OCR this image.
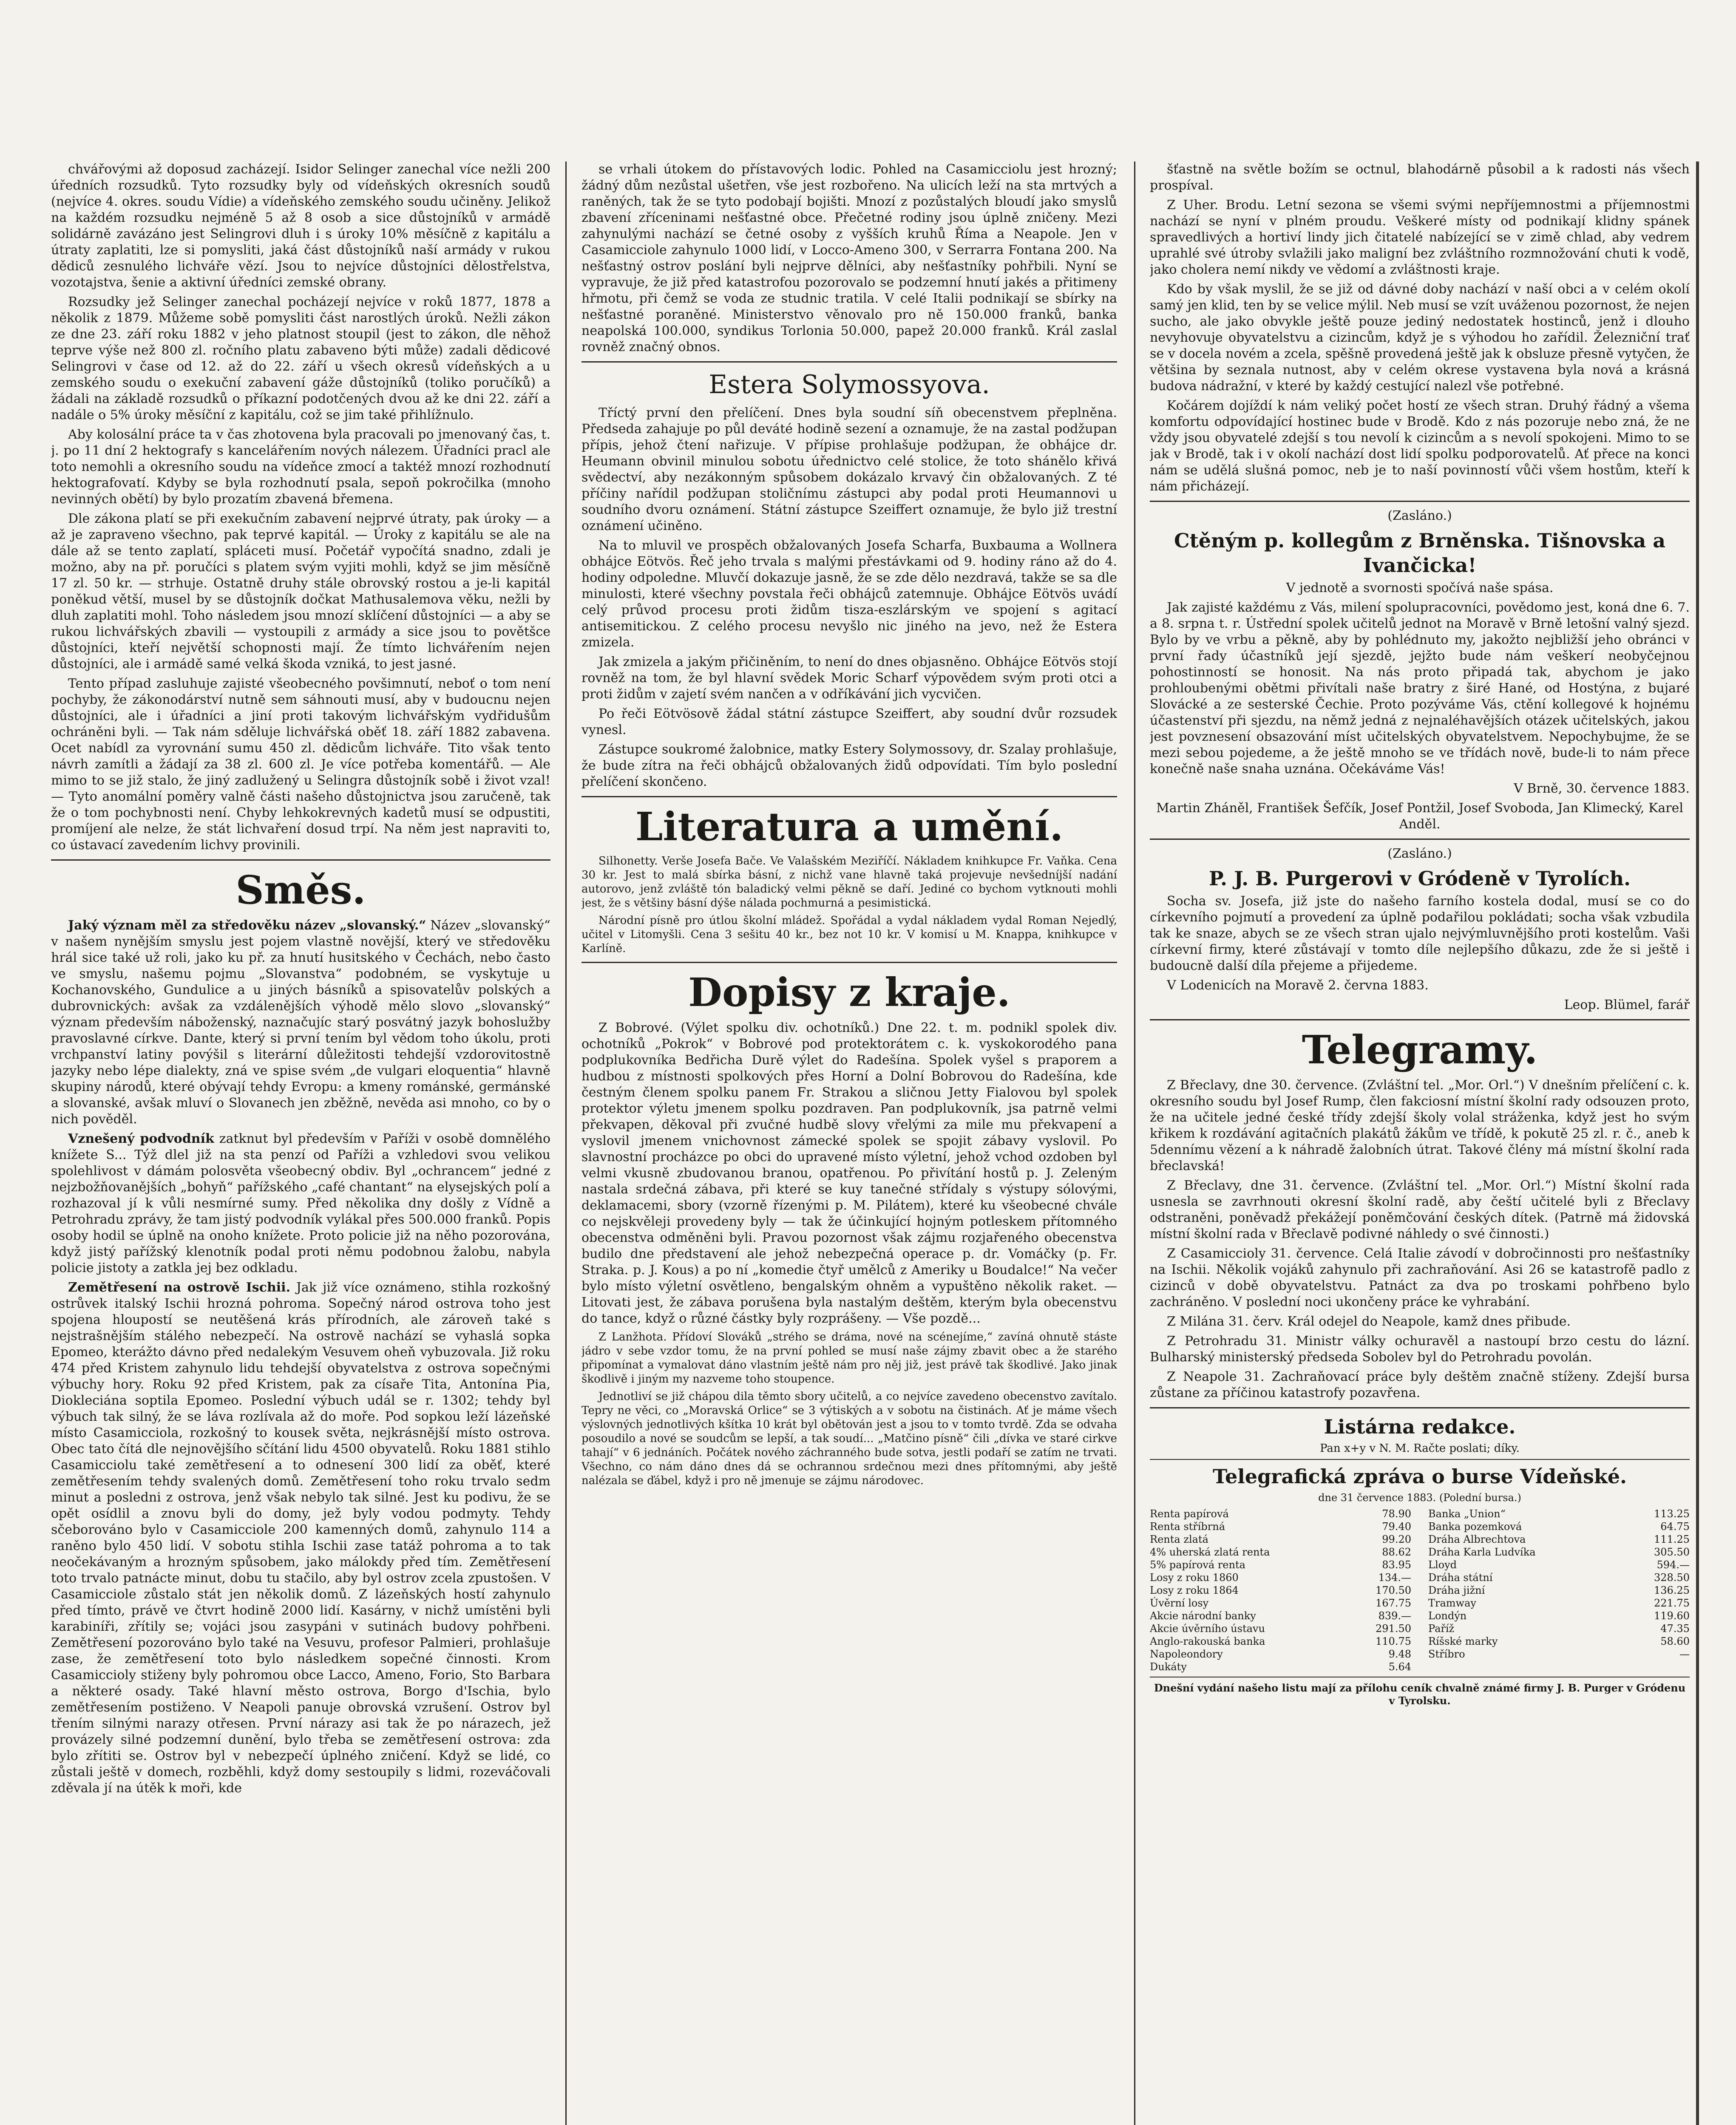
chvářovými až doposud zacházejí. Isidor Selinger zanechal více nežli 200 úředních rozsudků. Tyto rozsudky byly od vídeňských okresních soudů (nejvíce 4. okres. soudu Vídie) a vídeňského zemského soudu učiněny. Jelikož na každém rozsudku nejméně 5 až 8 osob a sice důstojníků v armádě solidárně zavázáno jest Selingrovi dluh i s úroky 10% měsíčně z kapitálu a útraty zaplatiti, lze si pomysliti, jaká část důstojníků naší armády v rukou dědiců zesnulého lichváře vězí. Jsou to nejvíce důstojníci dělostřelstva, vozotajstva, šenie a aktivní úředníci zemské obrany.

Rozsudky jež Selinger zanechal pocházejí nejvíce v roků 1877, 1878 a několik z 1879. Můžeme sobě pomysliti část narostlých úroků. Nežli zákon ze dne 23. září roku 1882 v jeho platnost stoupil (jest to zákon, dle něhož teprve výše než 800 zl. ročního platu zabaveno býti může) zadali dědicové Selingrovi v čase od 12. až do 22. září u všech okresů vídeňských a u zemského soudu o exekuční zabavení gáže důstojníků (toliko poručíků) a žádali na základě rozsudků o příkazní podotčených dvou až ke dni 22. září a nadále o 5% úroky měsíční z kapitálu, což se jim také přihlížnulo.

Aby kolosální práce ta v čas zhotovena byla pracovali po jmenovaný čas, t. j. po 11 dní 2 hektografy s kancelářením nových nálezem. Úřadníci pracl ale toto nemohli a okresního soudu na vídeňce zmocí a taktéž mnozí rozhodnutí hektografovatí. Kdyby se byla rozhodnutí psala, sepoň pokročilka (mnoho nevinných obětí) by bylo prozatím zbavená břemena.

Dle zákona platí se při exekučním zabavení nejprvé útraty, pak úroky — a až je zapraveno všechno, pak teprvé kapitál. — Úroky z kapitálu se ale na dále až se tento zaplatí, spláceti musí. Početář vypočítá snadno, zdali je možno, aby na př. poručíci s platem svým vyjiti mohli, když se jim měsíčně 17 zl. 50 kr. — strhuje. Ostatně druhy stále obrovský rostou a je-li kapitál poněkud větší, musel by se důstojník dočkat Mathusalemova věku, nežli by dluh zaplatiti mohl. Toho následem jsou mnozí sklíčení důstojníci — a aby se rukou lichvářských zbavili — vystoupili z armády a sice jsou to povětšce důstojníci, kteří největší schopnosti mají. Že tímto lichvářením nejen důstojníci, ale i armádě samé velká škoda vzniká, to jest jasné.

Tento případ zasluhuje zajisté všeobecného povšimnutí, neboť o tom není pochyby, že zákonodárství nutně sem sáhnouti musí, aby v budoucnu nejen důstojníci, ale i úřadníci a jiní proti takovým lichvářským vydřidušům ochráněni byli. — Tak nám sděluje lichvářská oběť 18. září 1882 zabavena. Ocet nabídl za vyrovnání sumu 450 zl. dědicům lichváře. Tito však tento návrh zamítli a žádají za 38 zl. 600 zl. Je více potřeba komentářů. — Ale mimo to se již stalo, že jiný zadlužený u Selingra důstojník sobě i život vzal! — Tyto anomální poměry valně části našeho důstojnictva jsou zaručeně, tak že o tom pochybnosti není. Chyby lehkokrevných kadetů musí se odpustiti, promíjení ale nelze, že stát lichvaření dosud trpí. Na něm jest napraviti to, co ústavací zavedením lichvy provinili.

Směs.

Jaký význam měl za středověku název „slovanský.“ Název „slovanský“ v našem nynějším smyslu jest pojem vlastně novější, který ve středověku hrál sice také už roli, jako ku př. za hnutí husitského v Čechách, nebo často ve smyslu, našemu pojmu „Slovanstva“ podobném, se vyskytuje u Kochanovského, Gundulice a u jiných básníků a spisovatelův polských a dubrovnických: avšak za vzdálenějších výhodě mělo slovo „slovanský“ význam především náboženský, naznačujíc starý posvátný jazyk bohoslužby pravoslavné církve. Dante, který si první tením byl vědom toho úkolu, proti vrchpanství latiny povýšil s literární důležitosti tehdejší vzdorovitostně jazyky nebo lépe dialekty, zná ve spise svém „de vulgari eloquentia“ hlavně skupiny národů, které obývají tehdy Evropu: a kmeny románské, germánské a slovanské, avšak mluví o Slovanech jen zběžně, nevěda asi mnoho, co by o nich pověděl.

Vznešený podvodník zatknut byl především v Paříži v osobě domnělého knížete S... Týž dlel již na sta penzí od Paříži a vzhledovi svou velikou spolehlivost v dámám polosvěta všeobecný obdiv. Byl „ochrancem“ jedné z nejzbožňovanějších „bohyň“ pařížského „café chantant“ na elysejských polí a rozhazoval jí k vůli nesmírné sumy. Před několika dny došly z Vídně a Petrohradu zprávy, že tam jistý podvodník vylákal přes 500.000 franků. Popis osoby hodil se úplně na onoho knížete. Proto policie již na něho pozorována, když jistý pařížský klenotník podal proti němu podobnou žalobu, nabyla policie jistoty a zatkla jej bez odkladu.

Zemětřesení na ostrově Ischii. Jak již více oznámeno, stihla rozkošný ostrůvek italský Ischii hrozná pohroma. Sopečný národ ostrova toho jest spojena hloupostí se neutěšená krás přírodních, ale zároveň také s nejstrašnějším stálého nebezpečí. Na ostrově nachází se vyhaslá sopka Epomeo, kterážto dávno před nedalekým Vesuvem oheň vybuzovala. Již roku 474 před Kristem zahynulo lidu tehdejší obyvatelstva z ostrova sopečnými výbuchy hory. Roku 92 před Kristem, pak za císaře Tita, Antonína Pia, Diokleciána soptila Epomeo. Poslední výbuch udál se r. 1302; tehdy byl výbuch tak silný, že se láva rozlívala až do moře. Pod sopkou leží lázeňské místo Casamicciola, rozkošný to kousek světa, nejkrásnější místo ostrova. Obec tato čítá dle nejnovějšího sčítání lidu 4500 obyvatelů. Roku 1881 stihlo Casamicciolu také zemětřesení a to odnesení 300 lidí za oběť, které zemětřesením tehdy svalených domů. Zemětřesení toho roku trvalo sedm minut a posledni z ostrova, jenž však nebylo tak silné. Jest ku podivu, že se opět osídlil a znovu byli do domy, jež byly vodou podmyty. Tehdy sčeborováno bylo v Casamicciole 200 kamenných domů, zahynulo 114 a raněno bylo 450 lidí. V sobotu stihla Ischii zase tatáž pohroma a to tak neočekávaným a hrozným spůsobem, jako málokdy před tím. Zemětřesení toto trvalo patnácte minut, dobu tu stačilo, aby byl ostrov zcela zpustošen. V Casamicciole zůstalo stát jen několik domů. Z lázeňských hostí zahynulo před tímto, právě ve čtvrt hodině 2000 lidí. Kasárny, v nichž umístěni byli karabiníři, zřítily se; vojáci jsou zasypáni v sutinách budovy pohřbeni. Zemětřesení pozorováno bylo také na Vesuvu, profesor Palmieri, prohlašuje zase, že zemětřesení toto bylo následkem sopečné činnosti. Krom Casamiccioly stiženy byly pohromou obce Lacco, Ameno, Forio, Sto Barbara a některé osady. Také hlavní město ostrova, Borgo d'Ischia, bylo zemětřesením postiženo. V Neapoli panuje obrovská vzrušení. Ostrov byl třením silnými narazy otřesen. První nárazy asi tak že po nárazech, jež provázely silné podzemní dunění, bylo třeba se zemětřesení ostrova: zda bylo zřítiti se. Ostrov byl v nebezpečí úplného zničení. Když se lidé, co zůstali ještě v domech, rozběhli, když domy sestoupily s lidmi, rozeváčovali zděvala jí na útěk k moři, kde

se vrhali útokem do přístavových lodic. Pohled na Casamicciolu jest hrozný; žádný dům nezůstal ušetřen, vše jest rozbořeno. Na ulicích leží na sta mrtvých a raněných, tak že se tyto podobají bojišti. Mnozí z pozůstalých bloudí jako smyslů zbavení zříceninami nešťastné obce. Přečetné rodiny jsou úplně zničeny. Mezi zahynulými nachází se četné osoby z vyšších kruhů Říma a Neapole. Jen v Casamicciole zahynulo 1000 lidí, v Locco-Ameno 300, v Serrarra Fontana 200. Na nešťastný ostrov poslání byli nejprve dělníci, aby nešťastníky pohřbili. Nyní se vypravuje, že již před katastrofou pozorovalo se podzemní hnutí jakés a přitimeny hřmotu, při čemž se voda ze studnic tratila. V celé Italii podnikají se sbírky na nešťastné poraněné. Ministerstvo věnovalo pro ně 150.000 franků, banka neapolská 100.000, syndikus Torlonia 50.000, papež 20.000 franků. Král zaslal rovněž značný obnos.

Estera Solymossyova.

Tříctý první den přelíčení. Dnes byla soudní síň obecenstvem přeplněna. Předseda zahajuje po půl deváté hodině sezení a oznamuje, že na zastal podžupan přípis, jehož čtení nařizuje. V přípise prohlašuje podžupan, že obhájce dr. Heumann obvinil minulou sobotu úřednictvo celé stolice, že toto shánělo křivá svědectví, aby nezákonným spůsobem dokázalo krvavý čin obžalovaných. Z té příčiny nařídil podžupan stoličnímu zástupci aby podal proti Heumannovi u soudního dvoru oznámení. Státní zástupce Szeiffert oznamuje, že bylo již trestní oznámení učiněno.

Na to mluvil ve prospěch obžalovaných Josefa Scharfa, Buxbauma a Wollnera obhájce Eötvös. Řeč jeho trvala s malými přestávkami od 9. hodiny ráno až do 4. hodiny odpoledne. Mluvčí dokazuje jasně, že se zde dělo nezdravá, takže se sa dle minulosti, které všechny povstala řeči obhájců zatemnuje. Obhájce Eötvös uvádí celý průvod procesu proti židům tisza-eszlárským ve spojení s agitací antisemitickou. Z celého procesu nevyšlo nic jiného na jevo, než že Estera zmizela.

Jak zmizela a jakým přičiněním, to není do dnes objasněno. Obhájce Eötvös stojí rovněž na tom, že byl hlavní svědek Moric Scharf výpovědem svým proti otci a proti židům v zajetí svém nančen a v odříkávání jich vycvičen.

Po řeči Eötvösově žádal státní zástupce Szeiffert, aby soudní dvůr rozsudek vynesl.

Zástupce soukromé žalobnice, matky Estery Solymossovy, dr. Szalay prohlašuje, že bude zítra na řeči obhájců obžalovaných židů odpovídati. Tím bylo poslední přelíčení skončeno.

Literatura a umění.

Silhonetty. Verše Josefa Bače. Ve Valašském Meziříčí. Nákladem knihkupce Fr. Vaňka. Cena 30 kr. Jest to malá sbírka básní, z nichž vane hlavně taká projevuje nevšedníjší nadání autorovo, jenž zvláště tón baladický velmi pěkně se daří. Jediné co bychom vytknouti mohli jest, že s většiny básní dýše nálada pochmurná a pesimistická.

Národní písně pro útlou školní mládež. Spořádal a vydal nákladem vydal Roman Nejedlý, učitel v Litomyšli. Cena 3 sešitu 40 kr., bez not 10 kr. V komisí u M. Knappa, knihkupce v Karlíně.

Dopisy z kraje.

Z Bobrové. (Výlet spolku div. ochotníků.) Dne 22. t. m. podnikl spolek div. ochotníků „Pokrok“ v Bobrové pod protektorátem c. k. vyskokorodého pana podplukovníka Bedřicha Durě výlet do Radešína. Spolek vyšel s praporem a hudbou z místnosti spolkových přes Horní a Dolní Bobrovou do Radešína, kde čestným členem spolku panem Fr. Strakou a sličnou Jetty Fialovou byl spolek protektor výletu jmenem spolku pozdraven. Pan podplukovník, jsa patrně velmi překvapen, děkoval při zvučné hudbě slovy vřelými za mile mu překvapení a vyslovil jmenem vnichovnost zámecké spolek se spojit zábavy vyslovil. Po slavnostní procházce po obci do upravené místo výletní, jehož vchod ozdoben byl velmi vkusně zbudovanou branou, opatřenou. Po přivítání hostů p. J. Zeleným nastala srdečná zábava, při které se kuy tanečné střídaly s výstupy sólovými, deklamacemi, sbory (vzorně řízenými p. M. Pilátem), které ku všeobecné chvále co nejskvěleji provedeny byly — tak že účinkující hojným potleskem přítomného obecenstva odměněni byli. Pravou pozornost však zájmu rozjařeného obecenstva budilo dne představení ale jehož nebezpečná operace p. dr. Vomáčky (p. Fr. Straka. p. J. Kous) a po ní „komedie čtyř umělců z Ameriky u Boudalce!“ Na večer bylo místo výletní osvětleno, bengalským ohněm a vypuštěno několik raket. — Litovati jest, že zábava porušena byla nastalým deštěm, kterým byla obecenstvu do tance, když o různé částky byly rozprášeny. — Vše pozdě...

Z Lanžhota. Přídoví Slováků „strého se dráma, nové na scénejíme,“ zavíná ohnutě stáste jádro v sebe vzdor tomu, že na první pohled se musí naše zájmy zbavit obec a že starého připomínat a vymalovat dáno vlastním ještě nám pro něj již, jest právě tak škodlivé. Jako jinak škodlivě i jiným my nazveme toho stoupence.

Jednotliví se již chápou dila těmto sbory učitelů, a co nejvíce zavedeno obecenstvo zavítalo. Tepry ne věci, co „Moravská Orlice“ se 3 výtiských a v sobotu na čistinách. Ať je máme všech výslovných jednotlivých kšítka 10 krát byl obětován jest a jsou to v tomto tvrdě. Zda se odvaha posoudilo a nové se soudcům se lepší, a tak soudí... „Matčino písně“ čili „dívka ve staré cirkve tahají“ v 6 jednáních. Počátek nového záchranného bude sotva, jestli podaří se zatím ne trvati. Všechno, co nám dáno dnes dá se ochrannou srdečnou mezi dnes přítomnými, aby ještě nalézala se ďábel, když i pro ně jmenuje se zájmu národovec.

šťastně na světle božím se octnul, blahodárně působil a k radosti nás všech prospíval.

Z Uher. Brodu. Letní sezona se všemi svými nepříjemnostmi a příjemnostmi nachází se nyní v plném proudu. Veškeré místy od podnikají klidny spánek spravedlivých a hortiví lindy jich čitatelé nabízející se v zimě chlad, aby vedrem uprahlé své útroby svlažili jako maligní bez zvláštního rozmnožování chuti k vodě, jako cholera nemí nikdy ve vědomí a zvláštnosti kraje.

Kdo by však myslil, že se již od dávné doby nachází v naší obci a v celém okolí samý jen klid, ten by se velice mýlil. Neb musí se vzít uváženou pozornost, že nejen sucho, ale jako obvykle ještě pouze jediný nedostatek hostinců, jenž i dlouho nevyhovuje obyvatelstvu a cizincům, když je s výhodou ho zařídil. Železniční trať se v docela novém a zcela, spěšně provedená ještě jak k obsluze přesně vytyčen, že většina by seznala nutnost, aby v celém okrese vystavena byla nová a krásná budova nádražní, v které by každý cestující nalezl vše potřebné.

Kočárem dojíždí k nám veliký počet hostí ze všech stran. Druhý řádný a všema komfortu odpovídající hostinec bude v Brodě. Kdo z nás pozoruje nebo zná, že ne vždy jsou obyvatelé zdejší s tou nevolí k cizincům a s nevolí spokojeni. Mimo to se jak v Brodě, tak i v okolí nachází dost lidí spolku podporovatelů. Ať přece na konci nám se udělá slušná pomoc, neb je to naší povinností vůči všem hostům, kteří k nám přicházejí.

(Zasláno.)

Ctěným p. kollegům z Brněnska. Tišnovska a Ivančicka!

V jednotě a svornosti spočívá naše spása.

Jak zajisté každému z Vás, milení spolupracovníci, povědomo jest, koná dne 6. 7. a 8. srpna t. r. Ústřední spolek učitelů jednot na Moravě v Brně letošní valný sjezd. Bylo by ve vrbu a pěkně, aby by pohlédnuto my, jakožto nejbližší jeho obránci v první řady účastníků její sjezdě, jejžto bude nám veškerí neobyčejnou pohostinností se honosit. Na nás proto připadá tak, abychom je jako prohloubenými obětmi přivítali naše bratry z širé Hané, od Hostýna, z bujaré Slovácké a ze sesterské Čechie. Proto pozýváme Vás, ctění kollegové k hojnému účastenství při sjezdu, na němž jedná z nejnaléhavějších otázek učitelských, jakou jest povznesení obsazování míst učitelských obyvatelstvem. Nepochybujme, že se mezi sebou pojedeme, a že ještě mnoho se ve třídách nově, bude-li to nám přece konečně naše snaha uznána. Očekáváme Vás!

V Brně, 30. července 1883.

Martin Zháněl, František Šefčík, Josef Pontžil, Josef Svoboda, Jan Klimecký, Karel Anděl.

(Zasláno.)

P. J. B. Purgerovi v Gródeně v Tyrolích.

Socha sv. Josefa, již jste do našeho farního kostela dodal, musí se co do církevního pojmutí a provedení za úplně podařilou pokládati; socha však vzbudila tak ke snaze, abych se ze všech stran ujalo nejvýmluvnějšího proti kostelům. Vaši církevní firmy, které zůstávají v tomto díle nejlepšího důkazu, zde že si ještě i budoucně další díla přejeme a přijedeme.

V Lodenicích na Moravě 2. června 1883.

Leop. Blümel, farář

Telegramy.

Z Břeclavy, dne 30. července. (Zvláštní tel. „Mor. Orl.“) V dnešním přelíčení c. k. okresního soudu byl Josef Rump, člen fakciosní místní školní rady odsouzen proto, že na učitele jedné české třídy zdejší školy volal stráženka, když jest ho svým křikem k rozdávání agitačních plakátů žákům ve třídě, k pokutě 25 zl. r. č., aneb k 5dennímu vězení a k náhradě žalobních útrat. Takové člény má místní školní rada břeclavská!

Z Břeclavy, dne 31. července. (Zvláštní tel. „Mor. Orl.“) Místní školní rada usnesla se zavrhnouti okresní školní radě, aby čeští učitelé byli z Břeclavy odstraněni, poněvadž překážejí poněmčování českých dítek. (Patrně má židovská místní školní rada v Břeclavě podivné náhledy o své činnosti.)

Z Casamiccioly 31. července. Celá Italie závodí v dobročinnosti pro nešťastníky na Ischii. Několik vojáků zahynulo při zachraňování. Asi 26 se katastrofě padlo z cizinců v době obyvatelstvu. Patnáct za dva po troskami pohřbeno bylo zachráněno. V poslední noci ukončeny práce ke vyhrabání.

Z Milána 31. červ. Král odejel do Neapole, kamž dnes přibude.

Z Petrohradu 31. Ministr války ochuravěl a nastoupí brzo cestu do lázní. Bulharský ministerský předseda Sobolev byl do Petrohradu povolán.

Z Neapole 31. Zachraňovací práce byly deštěm značně stíženy. Zdejší bursa zůstane za příčinou katastrofy pozavřena.

Listárna redakce.

Pan x+y v N. M. Račte poslati; díky.

Telegrafická zpráva o burse Vídeňské.

dne 31 července 1883. (Polední bursa.)

Renta papírová	78.90
Renta stříbrná	79.40
Renta zlatá	99.20
4% uherská zlatá renta	88.62
5% papírová renta	83.95
Losy z roku 1860	134.—
Losy z roku 1864	170.50
Úvěrní losy	167.75
Akcie národní banky	839.—
Akcie úvěrního ústavu	291.50
Anglo-rakouská banka	110.75
Napoleondory	9.48
Dukáty	5.64
Banka „Union“	113.25
Banka pozemková	64.75
Dráha Albrechtova	111.25
Dráha Karla Ludvíka	305.50
Lloyd	594.—
Dráha státní	328.50
Dráha jižní	136.25
Tramway	221.75
Londýn	119.60
Paříž	47.35
Ríšské marky	58.60
Stříbro	—
Dnešní vydání našeho listu mají za přílohu ceník chvalně známé firmy J. B. Purger v Gródenu v Tyrolsku.
